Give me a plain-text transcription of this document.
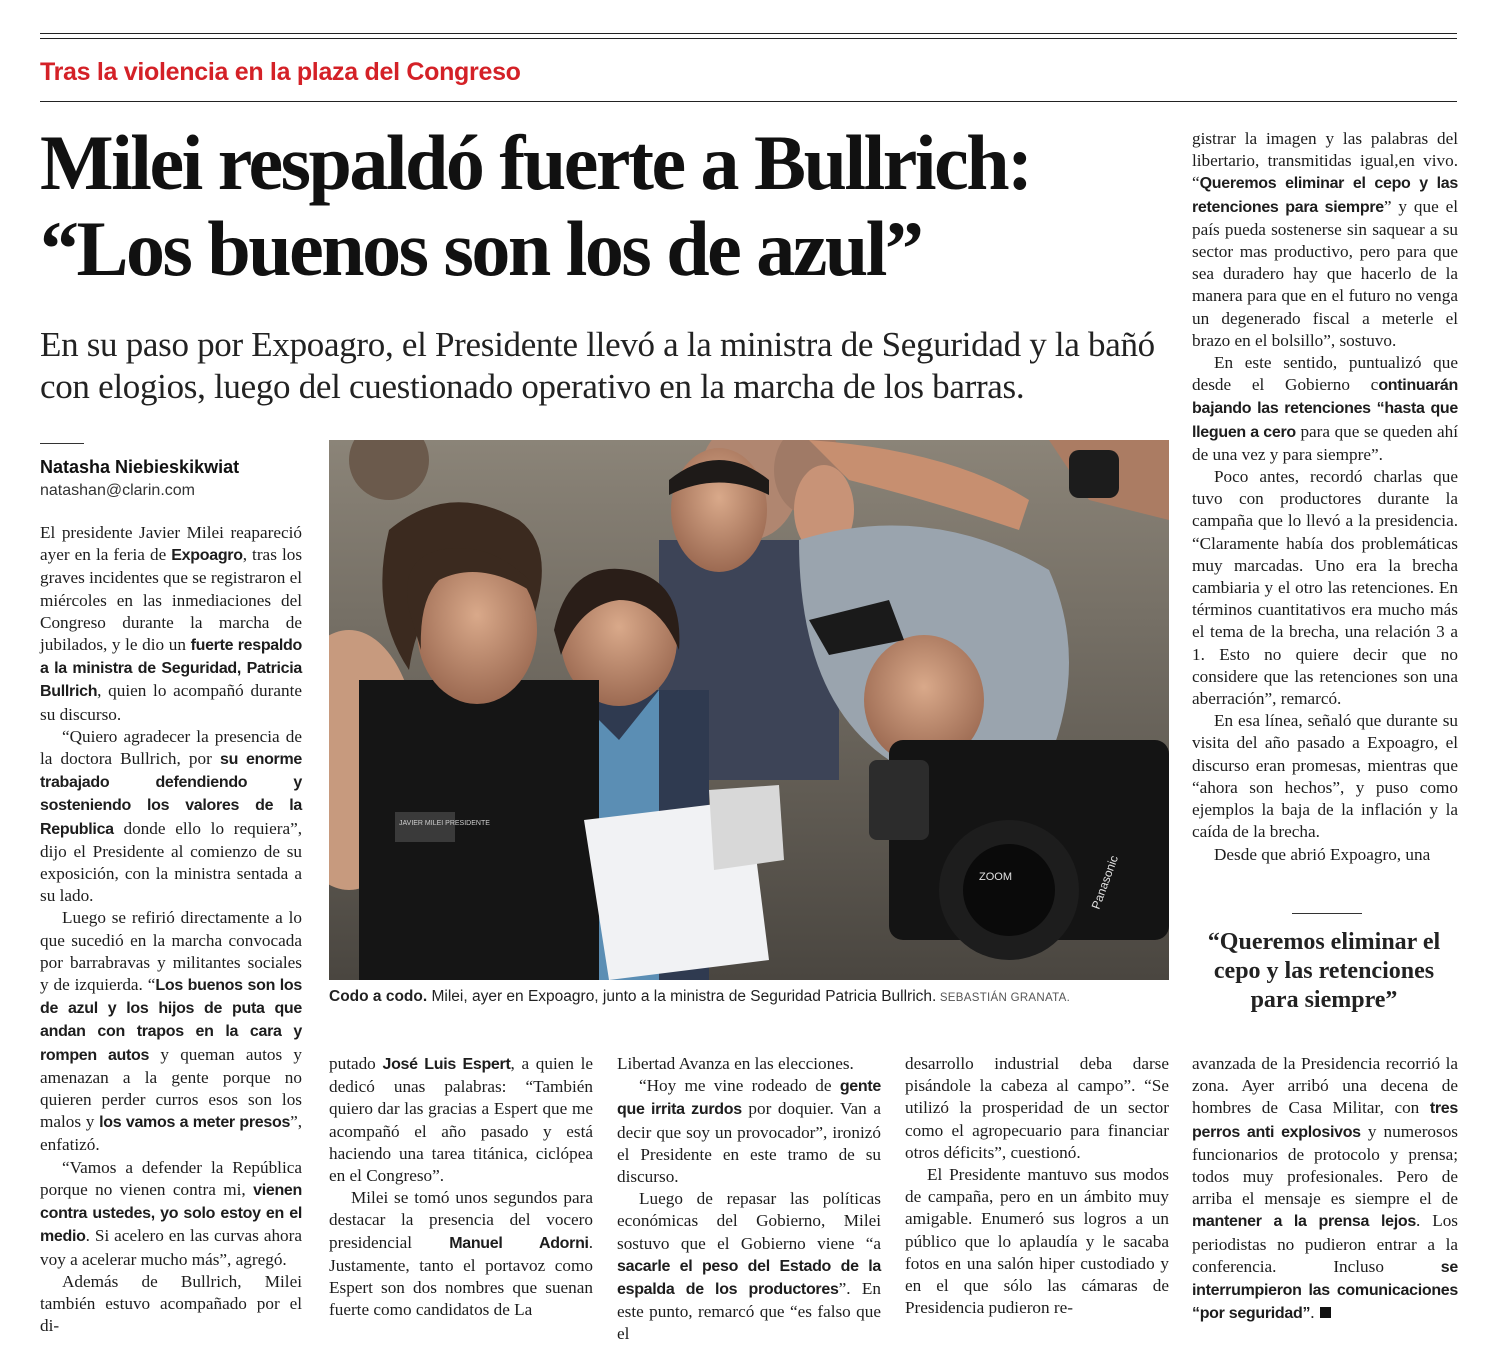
Tras la violencia en la plaza del Congreso
Milei respaldó fuerte a Bullrich:
“Los buenos son los de azul”
En su paso por Expoagro, el Presidente llevó a la ministra de Seguridad y la bañó con elogios, luego del cuestionado operativo en la marcha de los barras.
Natasha Niebieskikwiat
natashan@clarin.com

El presidente Javier Milei reapareció ayer en la feria de Expoagro, tras los graves incidentes que se registraron el miércoles en las inmediaciones del Congreso durante la marcha de jubilados, y le dio un fuerte respaldo a la ministra de Seguridad, Patricia Bullrich, quien lo acompañó durante su discurso.

“Quiero agradecer la presencia de la doctora Bullrich, por su enorme trabajado defendiendo y sosteniendo los valores de la Republica donde ello lo requiera”, dijo el Presidente al comienzo de su exposición, con la ministra sentada a su lado.

Luego se refirió directamente a lo que sucedió en la marcha convocada por barrabravas y militantes sociales y de izquierda. “Los buenos son los de azul y los hijos de puta que andan con trapos en la cara y rompen autos y queman autos y amenazan a la gente porque no quieren perder curros esos son los malos y los vamos a meter presos”, enfatizó.

“Vamos a defender la República porque no vienen contra mi, vienen contra ustedes, yo solo estoy en el medio. Si acelero en las curvas ahora voy a acelerar mucho más”, agregó.

Además de Bullrich, Milei también estuvo acompañado por el di-

JAVIER MILEI PRESIDENTE
ZOOM	Panasonic
Codo a codo. Milei, ayer en Expoagro, junto a la ministra de Seguridad Patricia Bullrich. SEBASTIÁN GRANATA.

putado José Luis Espert, a quien le dedicó unas palabras: “También quiero dar las gracias a Espert que me acompañó el año pasado y está haciendo una tarea titánica, ciclópea en el Congreso”.

Milei se tomó unos segundos para destacar la presencia del vocero presidencial Manuel Adorni. Justamente, tanto el portavoz como Espert son dos nombres que suenan fuerte como candidatos de La

Libertad Avanza en las elecciones.

“Hoy me vine rodeado de gente que irrita zurdos por doquier. Van a decir que soy un provocador”, ironizó el Presidente en este tramo de su discurso.

Luego de repasar las políticas económicas del Gobierno, Milei sostuvo que el Gobierno viene “a sacarle el peso del Estado de la espalda de los productores”. En este punto, remarcó que “es falso que el

desarrollo industrial deba darse pisándole la cabeza al campo”. “Se utilizó la prosperidad de un sector como el agropecuario para financiar otros déficits”, cuestionó.

El Presidente mantuvo sus modos de campaña, pero en un ámbito muy amigable. Enumeró sus logros a un público que lo aplaudía y le sacaba fotos en una salón hiper custodiado y en el que sólo las cámaras de Presidencia pudieron re-

gistrar la imagen y las palabras del libertario, transmitidas igual,en vivo. “Queremos eliminar el cepo y las retenciones para siempre” y que el país pueda sostenerse sin saquear a su sector mas productivo, pero para que sea duradero hay que hacerlo de la manera para que en el futuro no venga un degenerado fiscal a meterle el brazo en el bolsillo”, sostuvo.

En este sentido, puntualizó que desde el Gobierno continuarán bajando las retenciones “hasta que lleguen a cero para que se queden ahí de una vez y para siempre”.

Poco antes, recordó charlas que tuvo con productores durante la campaña que lo llevó a la presidencia. “Claramente había dos problemáticas muy marcadas. Uno era la brecha cambiaria y el otro las retenciones. En términos cuantitativos era mucho más el tema de la brecha, una relación 3 a 1. Esto no quiere decir que no considere que las retenciones son una aberración”, remarcó.

En esa línea, señaló que durante su visita del año pasado a Expoagro, el discurso eran promesas, mientras que “ahora son hechos”, y puso como ejemplos la baja de la inflación y la caída de la brecha.

Desde que abrió Expoagro, una

“Queremos eliminar el cepo y las retenciones para siempre”

avanzada de la Presidencia recorrió la zona. Ayer arribó una decena de hombres de Casa Militar, con tres perros anti explosivos y numerosos funcionarios de protocolo y prensa; todos muy profesionales. Pero de arriba el mensaje es siempre el de mantener a la prensa lejos. Los periodistas no pudieron entrar a la conferencia. Incluso se interrumpieron las comunicaciones “por seguridad”.
